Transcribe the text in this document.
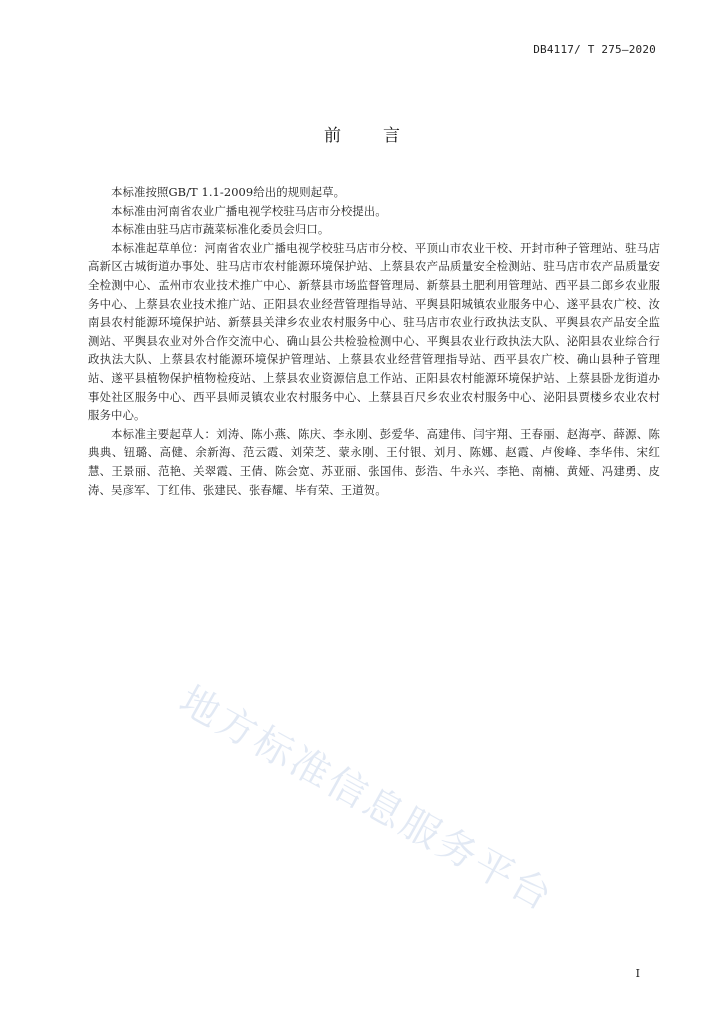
DB4117/ T 275—2020
前言

本标准按照GB/T 1.1-2009给出的规则起草。

本标准由河南省农业广播电视学校驻马店市分校提出。

本标准由驻马店市蔬菜标准化委员会归口。

本标准起草单位：河南省农业广播电视学校驻马店市分校、平顶山市农业干校、开封市种子管理站、驻马店高新区古城街道办事处、驻马店市农村能源环境保护站、上蔡县农产品质量安全检测站、驻马店市农产品质量安全检测中心、孟州市农业技术推广中心、新蔡县市场监督管理局、新蔡县土肥利用管理站、西平县二郎乡农业服务中心、上蔡县农业技术推广站、正阳县农业经营管理指导站、平舆县阳城镇农业服务中心、遂平县农广校、汝南县农村能源环境保护站、新蔡县关津乡农业农村服务中心、驻马店市农业行政执法支队、平舆县农产品安全监测站、平舆县农业对外合作交流中心、确山县公共检验检测中心、平舆县农业行政执法大队、泌阳县农业综合行政执法大队、上蔡县农村能源环境保护管理站、上蔡县农业经营管理指导站、西平县农广校、确山县种子管理站、遂平县植物保护植物检疫站、上蔡县农业资源信息工作站、正阳县农村能源环境保护站、上蔡县卧龙街道办事处社区服务中心、西平县师灵镇农业农村服务中心、上蔡县百尺乡农业农村服务中心、泌阳县贾楼乡农业农村服务中心。

本标准主要起草人：刘涛、陈小燕、陈庆、李永刚、彭爱华、高建伟、闫宇翔、王春丽、赵海亭、薛源、陈典典、钮璐、高健、余新海、范云霞、刘荣芝、蒙永刚、王付银、刘月、陈娜、赵霞、卢俊峰、李华伟、宋红慧、王景丽、范艳、关翠霞、王倩、陈会宽、苏亚丽、张国伟、彭浩、牛永兴、李艳、南楠、黄娅、冯建勇、皮涛、吴彦军、丁红伟、张建民、张春耀、毕有荣、王道贺。

地方标准信息服务平台
I
